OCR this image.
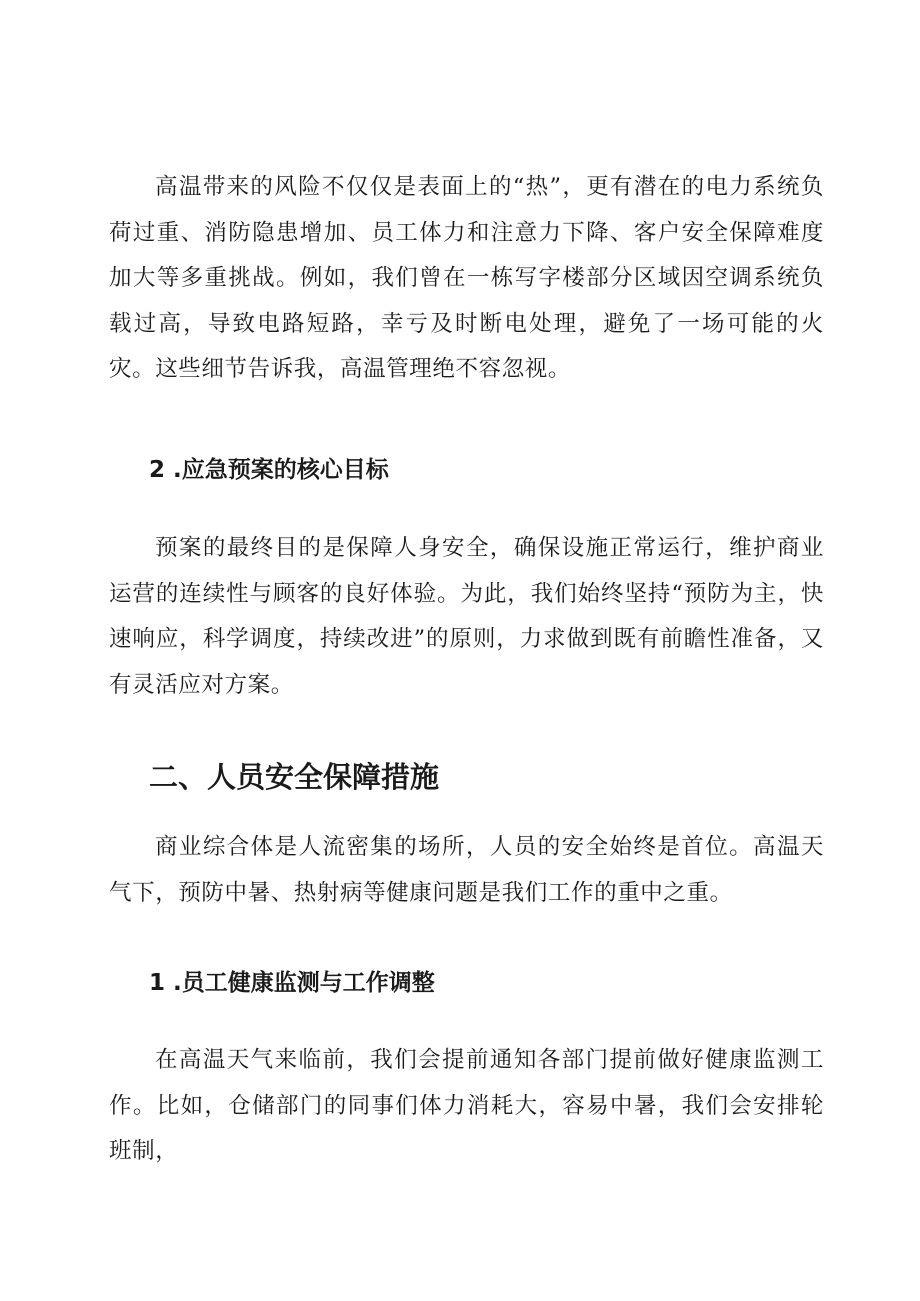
高温带来的风险不仅仅是表面上的“热”，更有潜在的电力系统负荷过重、消防隐患增加、员工体力和注意力下降、客户安全保障难度加大等多重挑战。例如，我们曾在一栋写字楼部分区域因空调系统负载过高，导致电路短路，幸亏及时断电处理，避免了一场可能的火灾。这些细节告诉我，高温管理绝不容忽视。

2 .应急预案的核心目标

预案的最终目的是保障人身安全，确保设施正常运行，维护商业运营的连续性与顾客的良好体验。为此，我们始终坚持“预防为主，快速响应，科学调度，持续改进”的原则，力求做到既有前瞻性准备，又有灵活应对方案。

二、人员安全保障措施

商业综合体是人流密集的场所，人员的安全始终是首位。高温天气下，预防中暑、热射病等健康问题是我们工作的重中之重。

1 .员工健康监测与工作调整

在高温天气来临前，我们会提前通知各部门提前做好健康监测工作。比如，仓储部门的同事们体力消耗大，容易中暑，我们会安排轮班制，
